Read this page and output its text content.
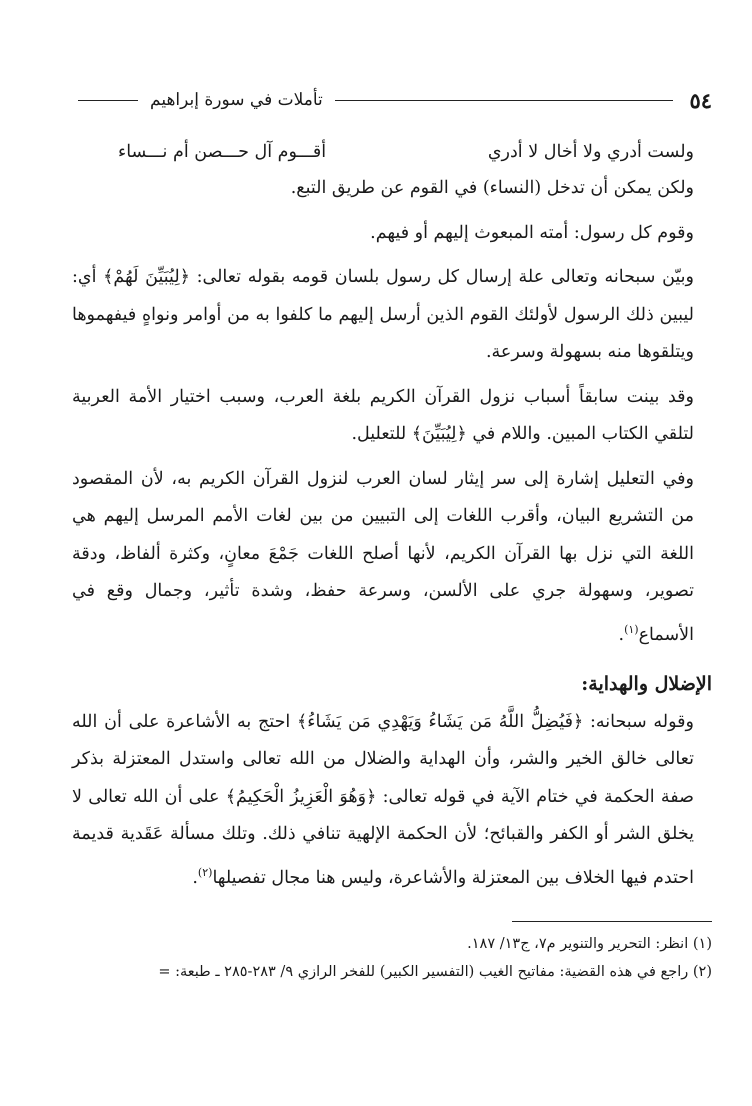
٥٤
تأملات في سورة إبراهيم
ولست أدري ولا أخال لا أدري
أقـــوم آل حـــصن أم نـــساء

ولكن يمكن أن تدخل (النساء) في القوم عن طريق التبع.

وقوم كل رسول: أمته المبعوث إليهم أو فيهم.

وبيّن سبحانه وتعالى علة إرسال كل رسول بلسان قومه بقوله تعالى: ﴿لِيُبَيِّنَ لَهُمْ﴾ أي: ليبين ذلك الرسول لأولئك القوم الذين أرسل إليهم ما كلفوا به من أوامر ونواهٍ فيفهموها ويتلقوها منه بسهولة وسرعة.

وقد بينت سابقاً أسباب نزول القرآن الكريم بلغة العرب، وسبب اختيار الأمة العربية لتلقي الكتاب المبين. واللام في ﴿لِيُبَيِّنَ﴾ للتعليل.

وفي التعليل إشارة إلى سر إيثار لسان العرب لنزول القرآن الكريم به، لأن المقصود من التشريع البيان، وأقرب اللغات إلى التبيين من بين لغات الأمم المرسل إليهم هي اللغة التي نزل بها القرآن الكريم، لأنها أصلح اللغات جَمْعَ معانٍ، وكثرة ألفاظ، ودقة تصوير، وسهولة جري على الألسن، وسرعة حفظ، وشدة تأثير، وجمال وقع في الأسماع$^{(١)}$.

الإضلال والهداية:

وقوله سبحانه: ﴿فَيُضِلُّ اللَّهُ مَن يَشَاءُ وَيَهْدِي مَن يَشَاءُ﴾ احتج به الأشاعرة على أن الله تعالى خالق الخير والشر، وأن الهداية والضلال من الله تعالى واستدل المعتزلة بذكر صفة الحكمة في ختام الآية في قوله تعالى: ﴿وَهُوَ الْعَزِيزُ الْحَكِيمُ﴾ على أن الله تعالى لا يخلق الشر أو الكفر والقبائح؛ لأن الحكمة الإلهية تنافي ذلك. وتلك مسألة عَقَدية قديمة احتدم فيها الخلاف بين المعتزلة والأشاعرة، وليس هنا مجال تفصيلها$^{(٢)}$.

(١) انظر: التحرير والتنوير م٧، ج١٣/ ١٨٧.

(٢) راجع في هذه القضية: مفاتيح الغيب (التفسير الكبير) للفخر الرازي ٩/ ٢٨٣-٢٨٥ ـ طبعة: =
